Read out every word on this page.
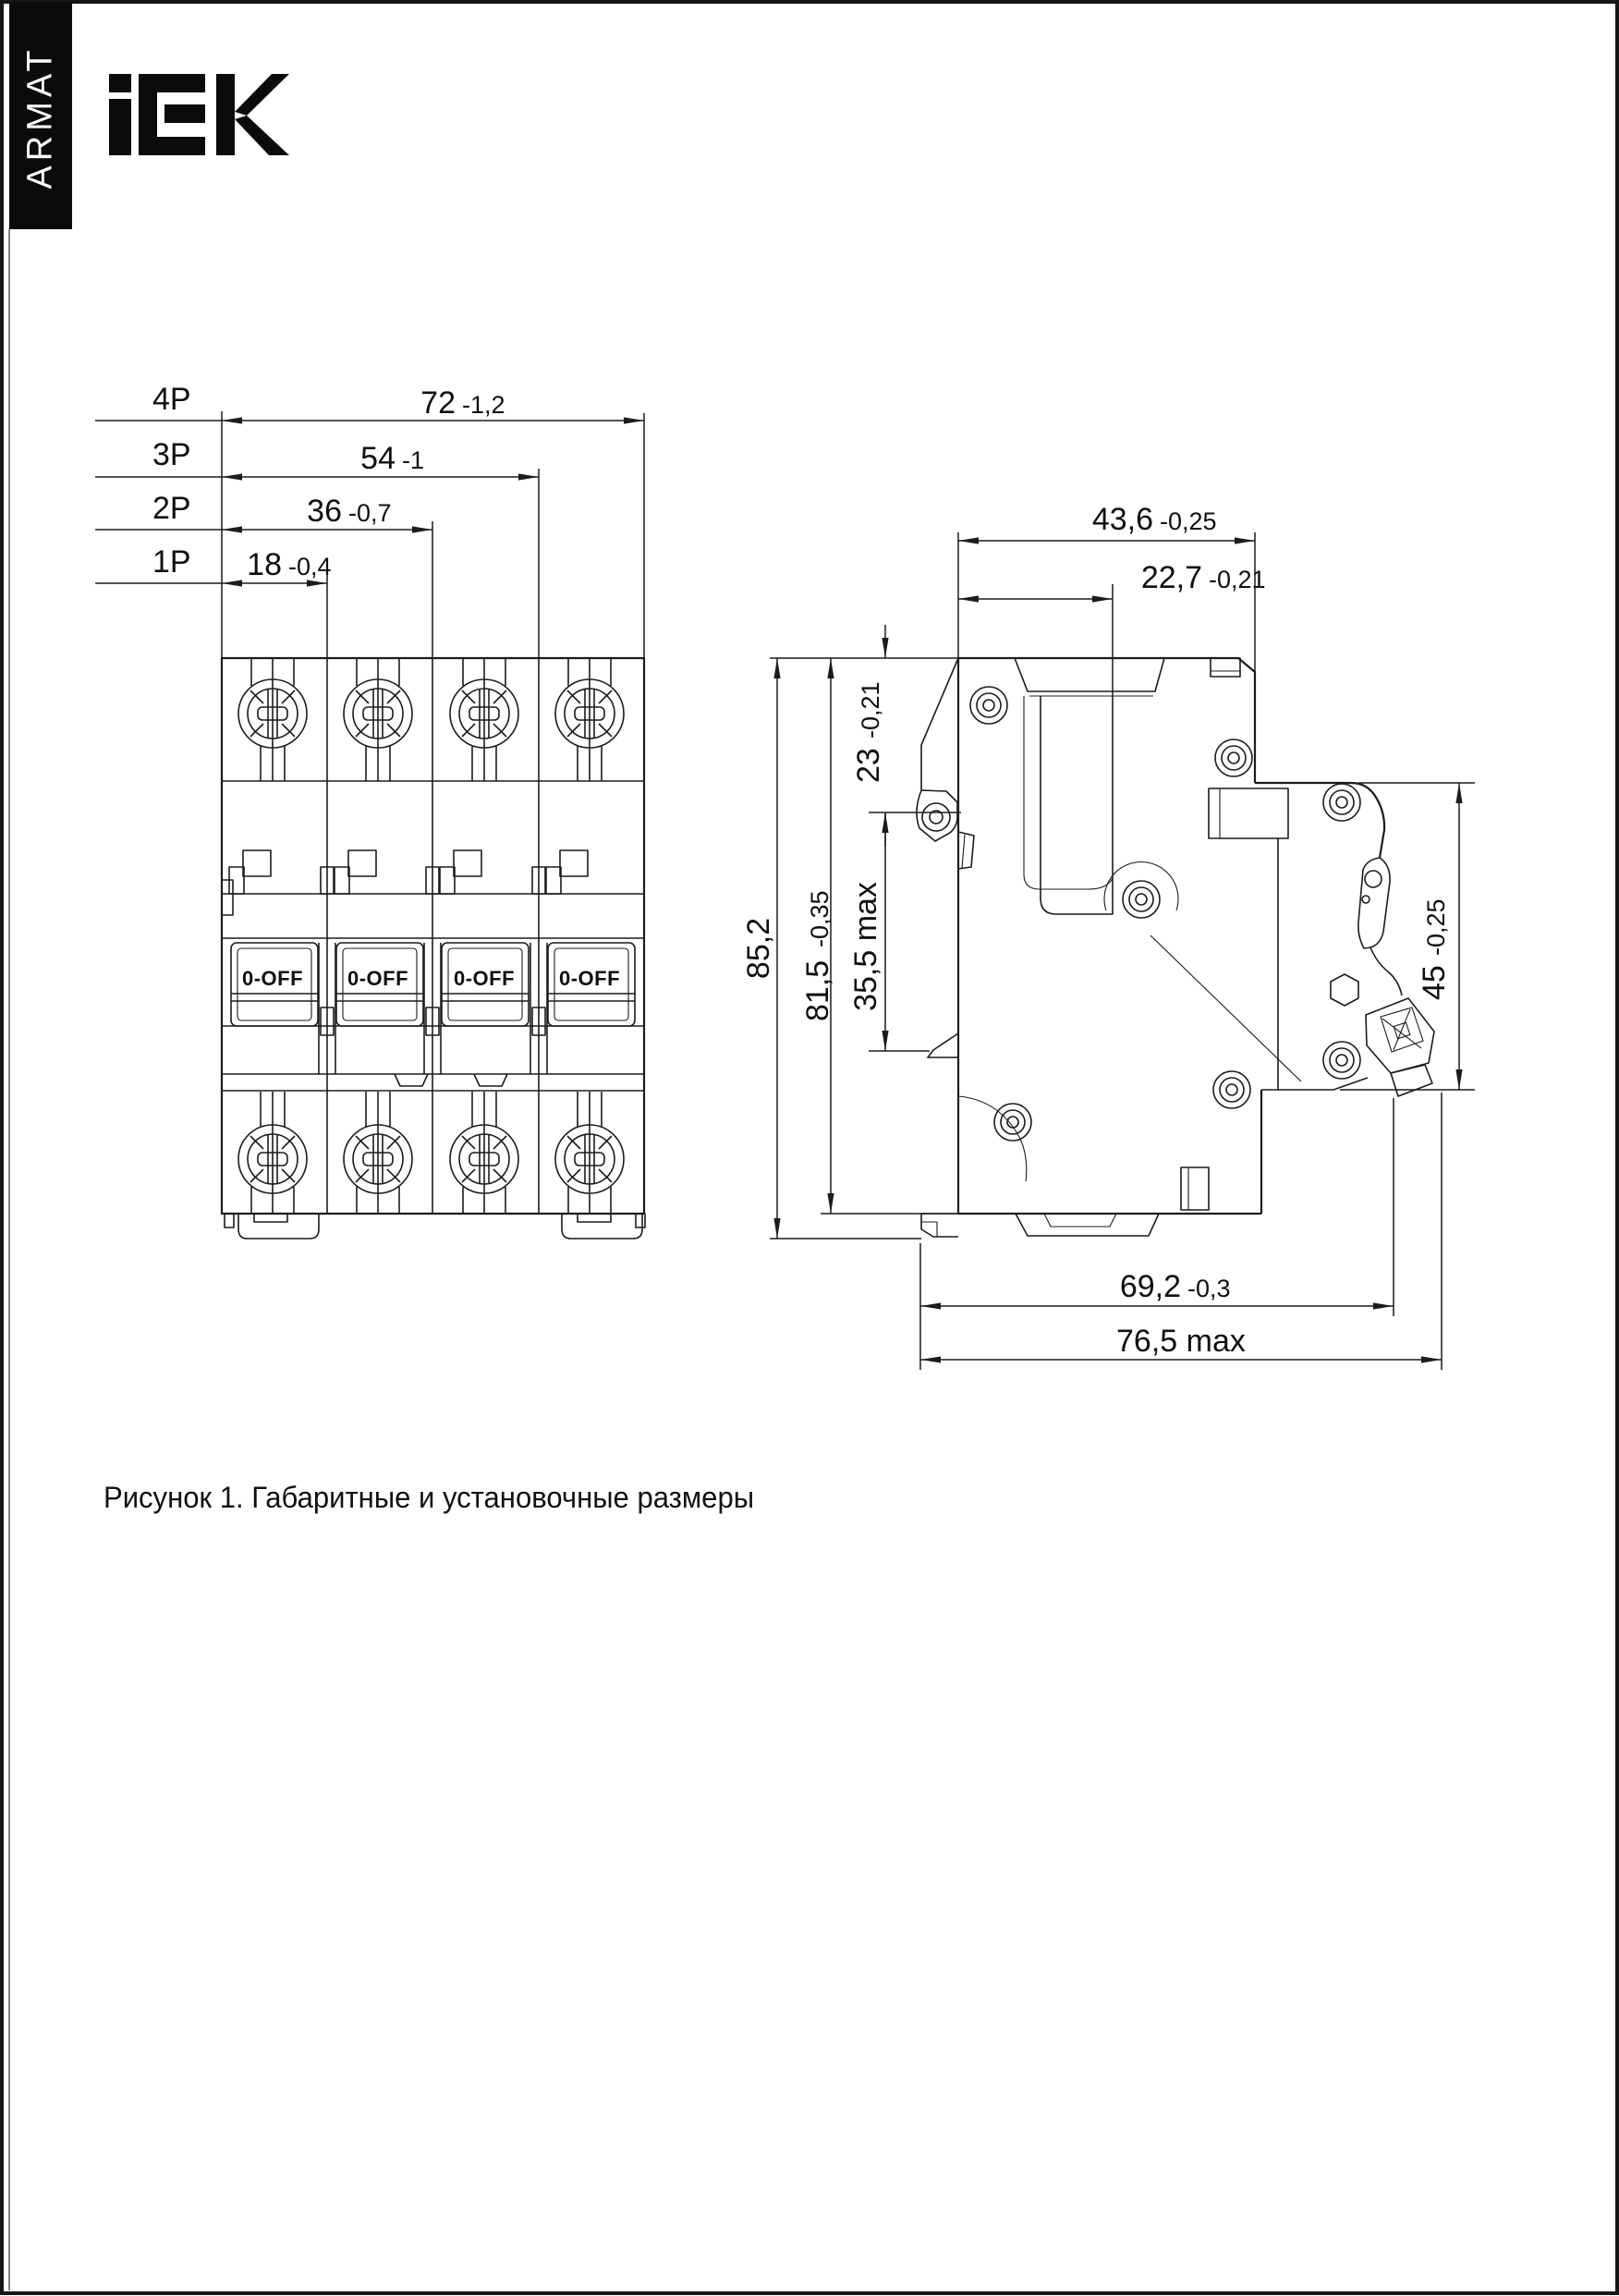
ARMAT
0-OFF 0-OFF 0-OFF 0-OFF
4P
3P
2P
1P
72 -1,2
54 -1
36 -0,7
18 -0,4
43,6 -0,25
22,7 -0,21
23
-0,21
35,5 max
81,5
-0,35
85,2
45
-0,25
69,2 -0,3
76,5 max
Рисунок 1. Габаритные и установочные размеры
